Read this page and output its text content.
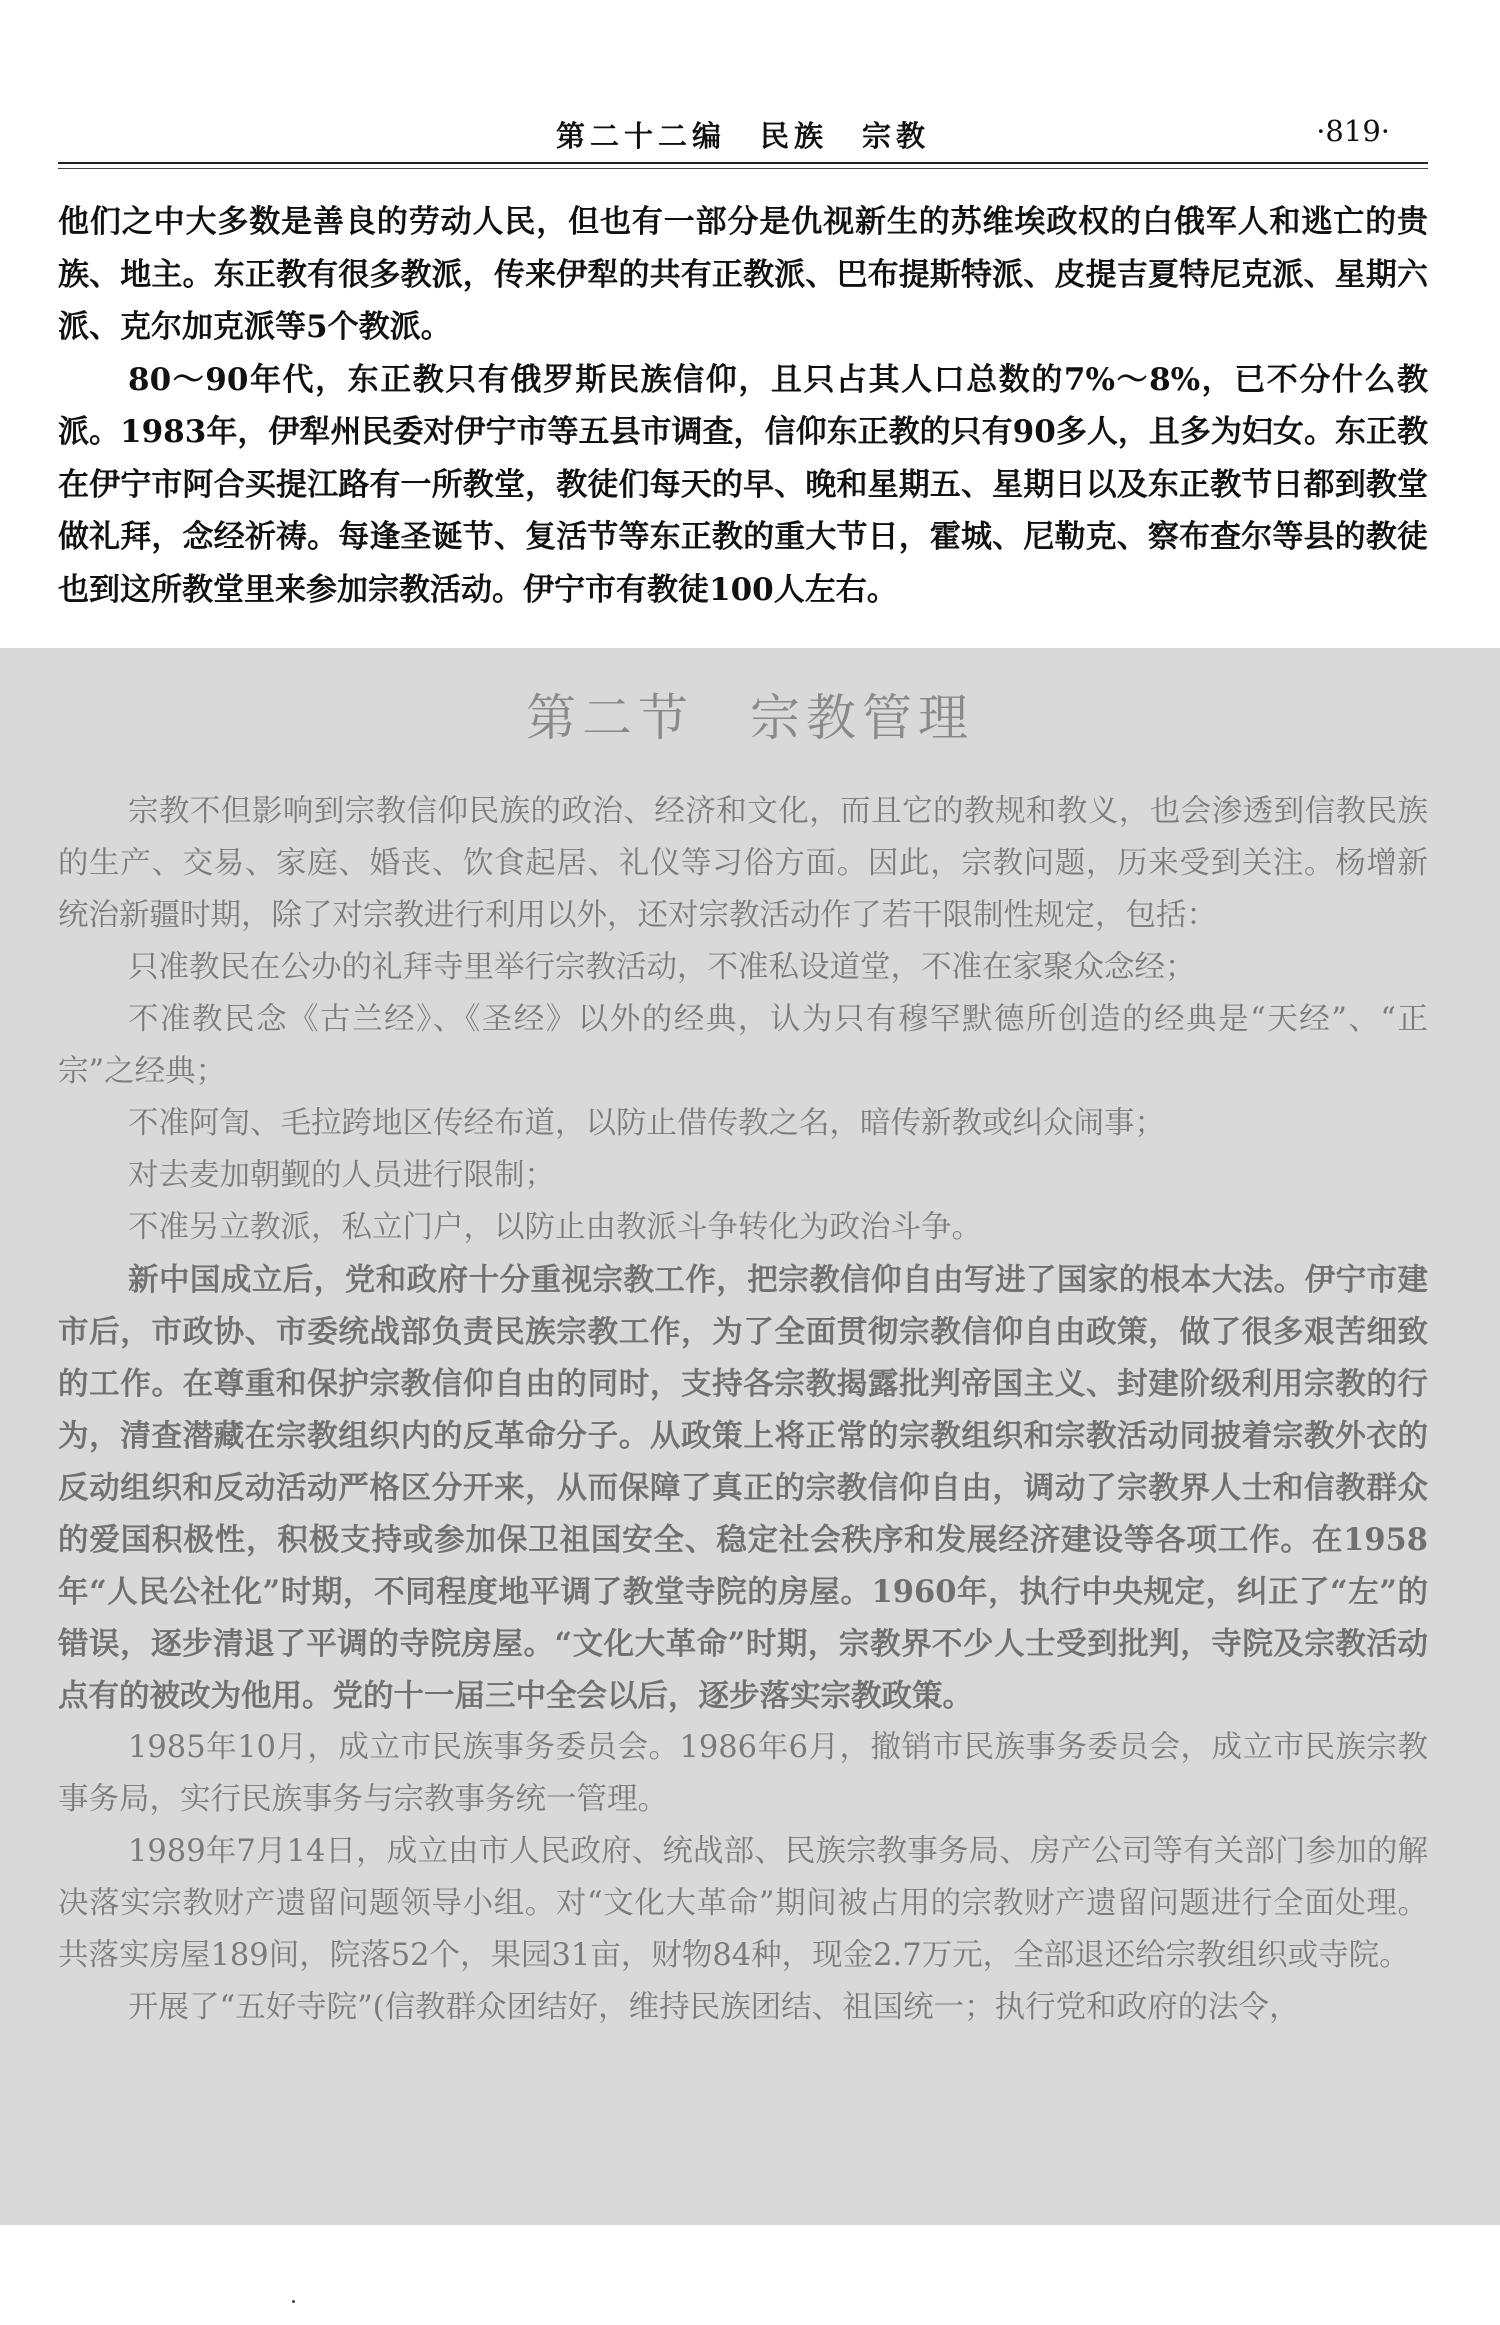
第二十二编　民族　宗教	·819·

他们之中大多数是善良的劳动人民，但也有一部分是仇视新生的苏维埃政权的白俄军人和逃亡的贵族、地主。东正教有很多教派，传来伊犁的共有正教派、巴布提斯特派、皮提吉夏特尼克派、星期六派、克尔加克派等5个教派。

80～90年代，东正教只有俄罗斯民族信仰，且只占其人口总数的7%～8%，已不分什么教派。1983年，伊犁州民委对伊宁市等五县市调查，信仰东正教的只有90多人，且多为妇女。东正教在伊宁市阿合买提江路有一所教堂，教徒们每天的早、晚和星期五、星期日以及东正教节日都到教堂做礼拜，念经祈祷。每逢圣诞节、复活节等东正教的重大节日，霍城、尼勒克、察布查尔等县的教徒也到这所教堂里来参加宗教活动。伊宁市有教徒100人左右。

第二节　宗教管理

宗教不但影响到宗教信仰民族的政治、经济和文化，而且它的教规和教义，也会渗透到信教民族的生产、交易、家庭、婚丧、饮食起居、礼仪等习俗方面。因此，宗教问题，历来受到关注。杨增新统治新疆时期，除了对宗教进行利用以外，还对宗教活动作了若干限制性规定，包括：

只准教民在公办的礼拜寺里举行宗教活动，不准私设道堂，不准在家聚众念经；

不准教民念《古兰经》、《圣经》以外的经典，认为只有穆罕默德所创造的经典是“天经”、“正宗”之经典；

不准阿訇、毛拉跨地区传经布道，以防止借传教之名，暗传新教或纠众闹事；

对去麦加朝觐的人员进行限制；

不准另立教派，私立门户，以防止由教派斗争转化为政治斗争。

新中国成立后，党和政府十分重视宗教工作，把宗教信仰自由写进了国家的根本大法。伊宁市建市后，市政协、市委统战部负责民族宗教工作，为了全面贯彻宗教信仰自由政策，做了很多艰苦细致的工作。在尊重和保护宗教信仰自由的同时，支持各宗教揭露批判帝国主义、封建阶级利用宗教的行为，清查潜藏在宗教组织内的反革命分子。从政策上将正常的宗教组织和宗教活动同披着宗教外衣的反动组织和反动活动严格区分开来，从而保障了真正的宗教信仰自由，调动了宗教界人士和信教群众的爱国积极性，积极支持或参加保卫祖国安全、稳定社会秩序和发展经济建设等各项工作。在1958年“人民公社化”时期，不同程度地平调了教堂寺院的房屋。1960年，执行中央规定，纠正了“左”的错误，逐步清退了平调的寺院房屋。“文化大革命”时期，宗教界不少人士受到批判，寺院及宗教活动点有的被改为他用。党的十一届三中全会以后，逐步落实宗教政策。

1985年10月，成立市民族事务委员会。1986年6月，撤销市民族事务委员会，成立市民族宗教事务局，实行民族事务与宗教事务统一管理。

1989年7月14日，成立由市人民政府、统战部、民族宗教事务局、房产公司等有关部门参加的解决落实宗教财产遗留问题领导小组。对“文化大革命”期间被占用的宗教财产遗留问题进行全面处理。共落实房屋189间，院落52个，果园31亩，财物84种，现金2.7万元，全部退还给宗教组织或寺院。

开展了“五好寺院”(信教群众团结好，维持民族团结、祖国统一；执行党和政府的法令，
